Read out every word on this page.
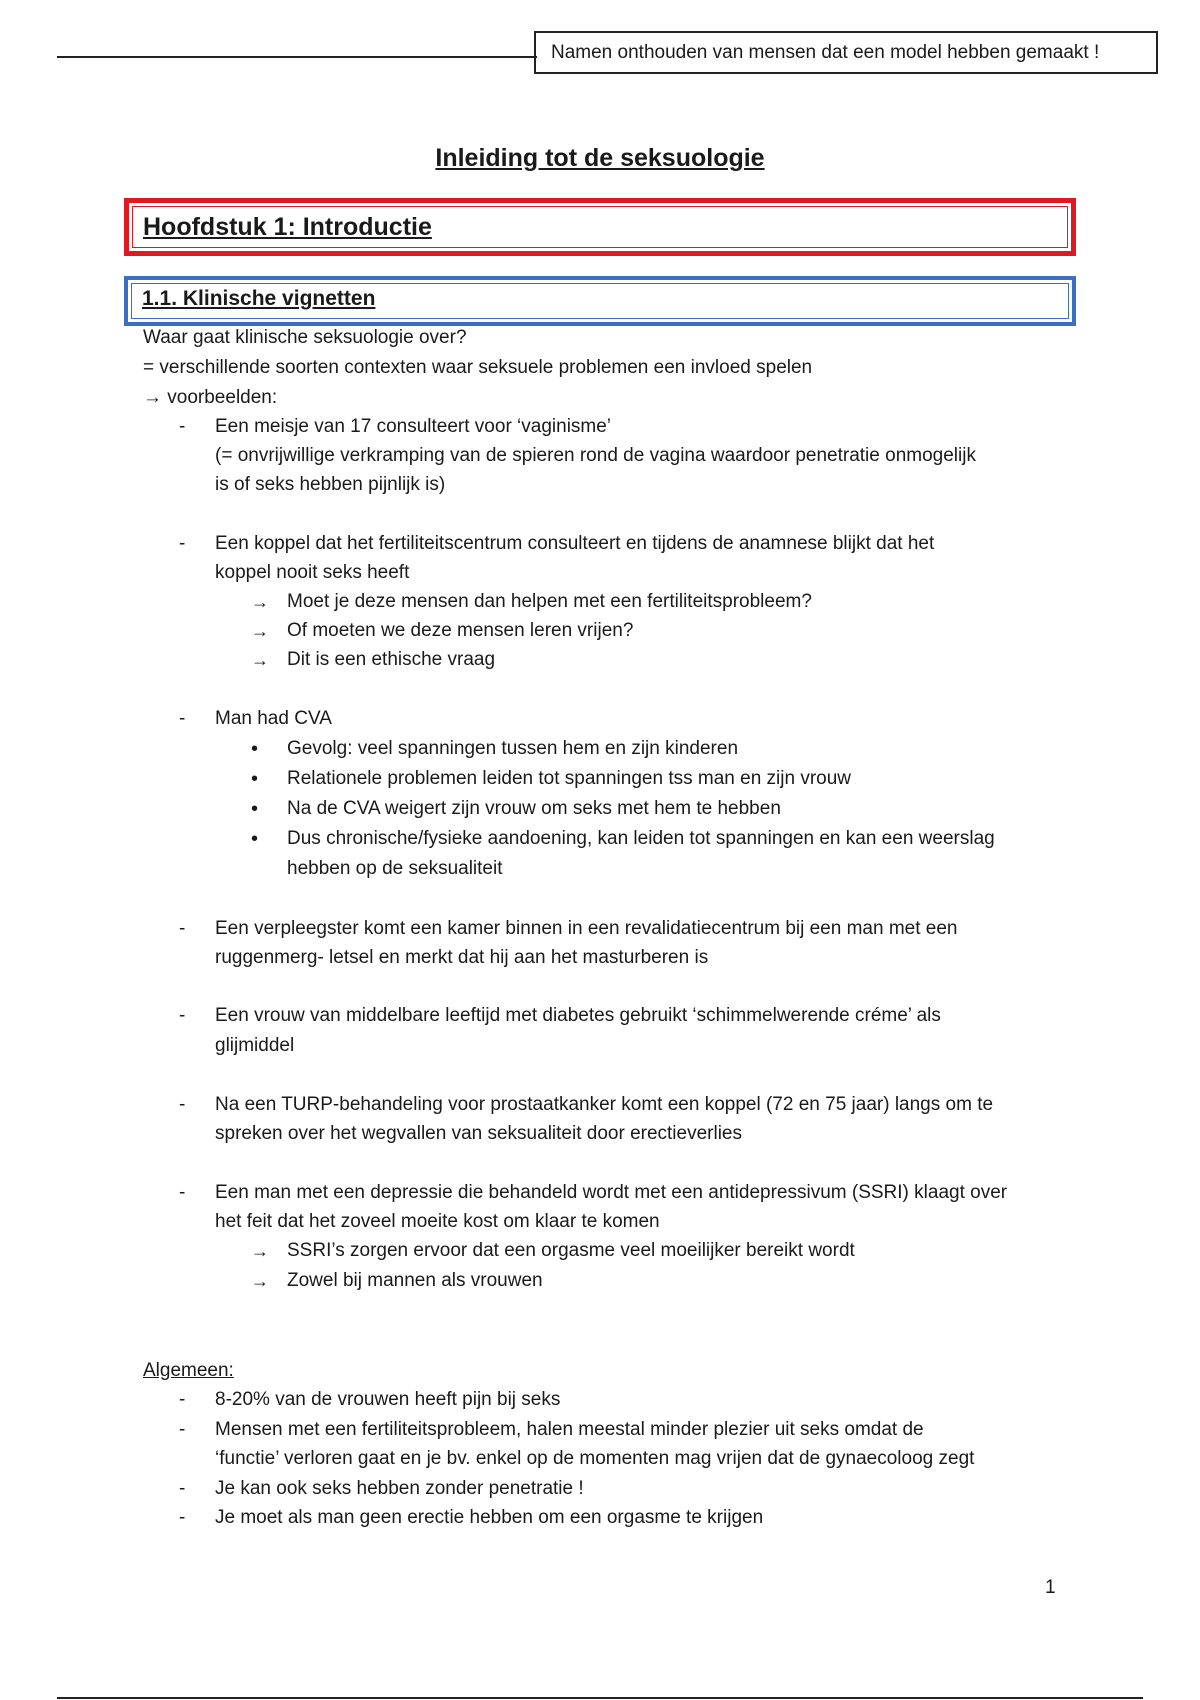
Namen onthouden van mensen dat een model hebben gemaakt !
Inleiding tot de seksuologie
Hoofdstuk 1: Introductie
1.1. Klinische vignetten
Waar gaat klinische seksuologie over?
= verschillende soorten contexten waar seksuele problemen een invloed spelen
→ voorbeelden:
- Een meisje van 17 consulteert voor ‘vaginisme’
(= onvrijwillige verkramping van de spieren rond de vagina waardoor penetratie onmogelijk
is of seks hebben pijnlijk is)
- Een koppel dat het fertiliteitscentrum consulteert en tijdens de anamnese blijkt dat het
koppel nooit seks heeft
→ Moet je deze mensen dan helpen met een fertiliteitsprobleem?
→ Of moeten we deze mensen leren vrijen?
→ Dit is een ethische vraag
- Man had CVA
• Gevolg: veel spanningen tussen hem en zijn kinderen
• Relationele problemen leiden tot spanningen tss man en zijn vrouw
• Na de CVA weigert zijn vrouw om seks met hem te hebben
• Dus chronische/fysieke aandoening, kan leiden tot spanningen en kan een weerslag
hebben op de seksualiteit
- Een verpleegster komt een kamer binnen in een revalidatiecentrum bij een man met een
ruggenmerg- letsel en merkt dat hij aan het masturberen is
- Een vrouw van middelbare leeftijd met diabetes gebruikt ‘schimmelwerende créme’ als
glijmiddel
- Na een TURP-behandeling voor prostaatkanker komt een koppel (72 en 75 jaar) langs om te
spreken over het wegvallen van seksualiteit door erectieverlies
- Een man met een depressie die behandeld wordt met een antidepressivum (SSRI) klaagt over
het feit dat het zoveel moeite kost om klaar te komen
→ SSRI’s zorgen ervoor dat een orgasme veel moeilijker bereikt wordt
→ Zowel bij mannen als vrouwen
Algemeen:
- 8-20% van de vrouwen heeft pijn bij seks
- Mensen met een fertiliteitsprobleem, halen meestal minder plezier uit seks omdat de
‘functie’ verloren gaat en je bv. enkel op de momenten mag vrijen dat de gynaecoloog zegt
- Je kan ook seks hebben zonder penetratie !
- Je moet als man geen erectie hebben om een orgasme te krijgen
1
